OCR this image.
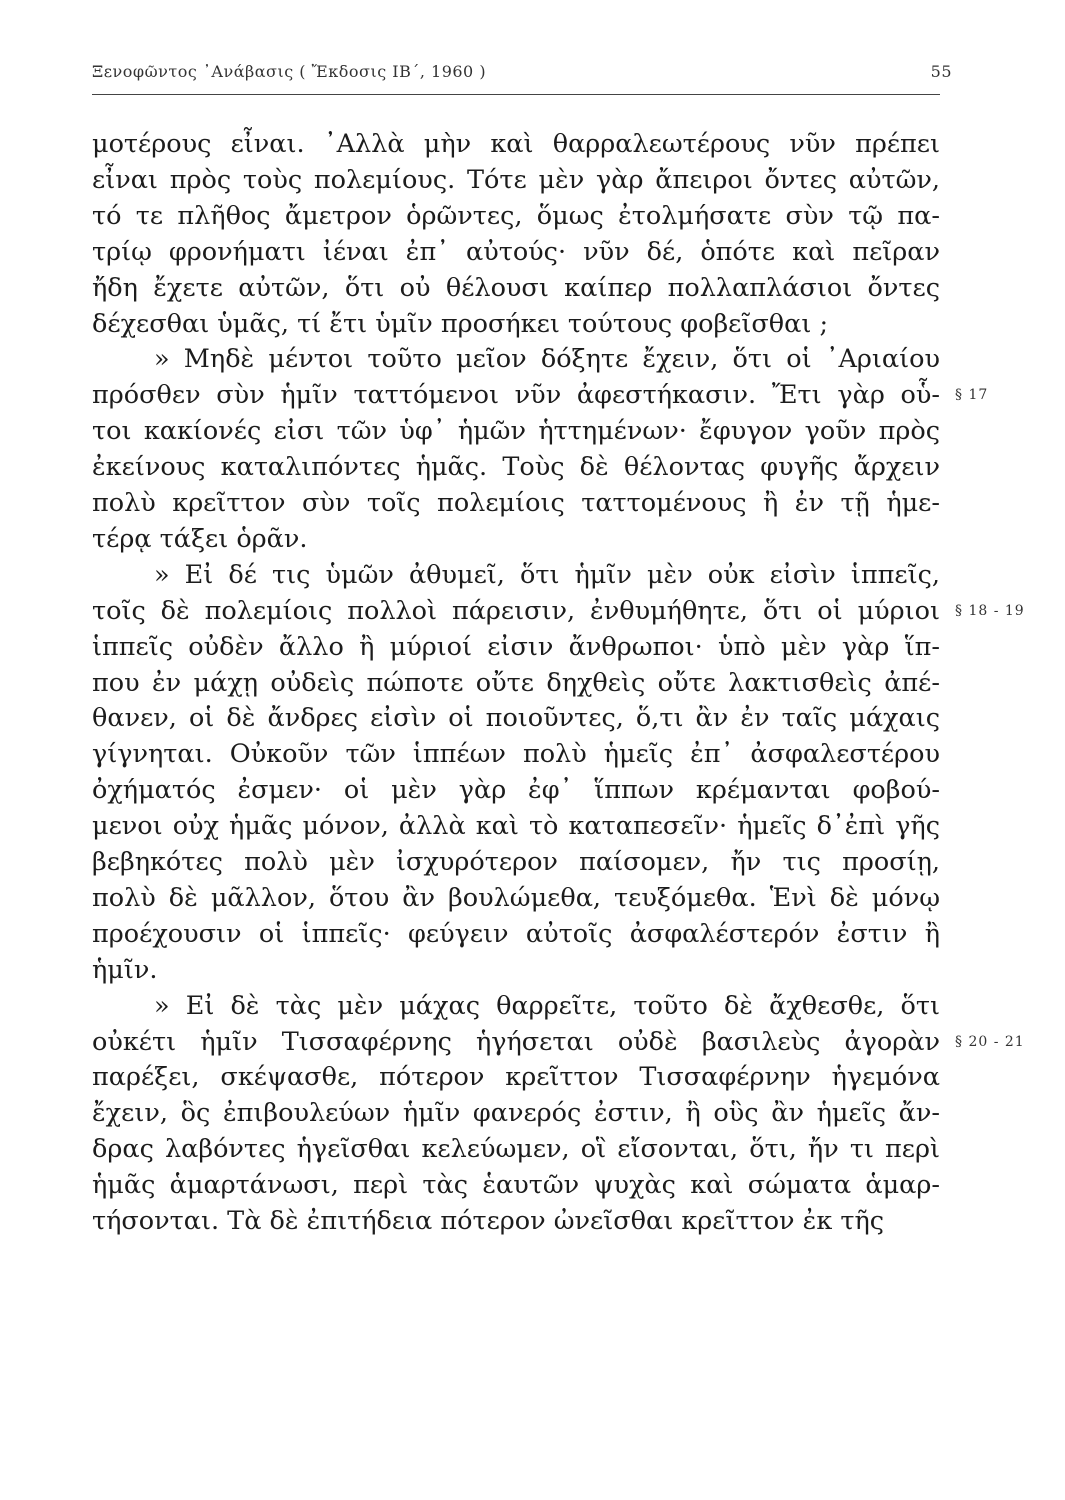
Ξενοφῶντος ᾿Ανάβασις ( Ἔκδοσις ΙΒ΄, 1960 )	55
μοτέρους εἶναι. ᾿Αλλὰ μὴν καὶ θαρραλεωτέρους νῦν πρέπει
εἶναι πρὸς τοὺς πολεμίους. Τότε μὲν γὰρ ἄπειροι ὄντες αὐτῶν,
τό τε πλῆθος ἄμετρον ὁρῶντες, ὅμως ἐτολμήσατε σὺν τῷ πα-
τρίῳ φρονήματι ἰέναι ἐπ᾿ αὐτούς· νῦν δέ, ὁπότε καὶ πεῖραν
ἤδη ἔχετε αὐτῶν, ὅτι οὐ θέλουσι καίπερ πολλαπλάσιοι ὄντες
δέχεσθαι ὑμᾶς, τί ἔτι ὑμῖν προσήκει τούτους φοβεῖσθαι ;
» Μηδὲ μέντοι τοῦτο μεῖον δόξητε ἔχειν, ὅτι οἱ ᾿Αριαίου
πρόσθεν σὺν ἡμῖν ταττόμενοι νῦν ἀφεστήκασιν. Ἔτι γὰρ οὗ-
τοι κακίονές εἰσι τῶν ὑφ᾿ ἡμῶν ἡττημένων· ἔφυγον γοῦν πρὸς
ἐκείνους καταλιπόντες ἡμᾶς. Τοὺς δὲ θέλοντας φυγῆς ἄρχειν
πολὺ κρεῖττον σὺν τοῖς πολεμίοις ταττομένους ἢ ἐν τῇ ἡμε-
τέρᾳ τάξει ὁρᾶν.
» Εἰ δέ τις ὑμῶν ἀθυμεῖ, ὅτι ἡμῖν μὲν οὐκ εἰσὶν ἱππεῖς,
τοῖς δὲ πολεμίοις πολλοὶ πάρεισιν, ἐνθυμήθητε, ὅτι οἱ μύριοι
ἱππεῖς οὐδὲν ἄλλο ἢ μύριοί εἰσιν ἄνθρωποι· ὑπὸ μὲν γὰρ ἵπ-
που ἐν μάχῃ οὐδεὶς πώποτε οὔτε δηχθεὶς οὔτε λακτισθεὶς ἀπέ-
θανεν, οἱ δὲ ἄνδρες εἰσὶν οἱ ποιοῦντες, ὅ,τι ἂν ἐν ταῖς μάχαις
γίγνηται. Οὐκοῦν τῶν ἱππέων πολὺ ἡμεῖς ἐπ᾿ ἀσφαλεστέρου
ὀχήματός ἐσμεν· οἱ μὲν γὰρ ἐφ᾿ ἵππων κρέμανται φοβού-
μενοι οὐχ ἡμᾶς μόνον, ἀλλὰ καὶ τὸ καταπεσεῖν· ἡμεῖς δ᾿ἐπὶ γῆς
βεβηκότες πολὺ μὲν ἰσχυρότερον παίσομεν, ἤν τις προσίῃ,
πολὺ δὲ μᾶλλον, ὅτου ἂν βουλώμεθα, τευξόμεθα. Ἑνὶ δὲ μόνῳ
προέχουσιν οἱ ἱππεῖς· φεύγειν αὐτοῖς ἀσφαλέστερόν ἐστιν ἢ
ἡμῖν.
» Εἰ δὲ τὰς μὲν μάχας θαρρεῖτε, τοῦτο δὲ ἄχθεσθε, ὅτι
οὐκέτι ἡμῖν Τισσαφέρνης ἡγήσεται οὐδὲ βασιλεὺς ἀγορὰν
παρέξει, σκέψασθε, πότερον κρεῖττον Τισσαφέρνην ἡγεμόνα
ἔχειν, ὃς ἐπιβουλεύων ἡμῖν φανερός ἐστιν, ἢ οὓς ἂν ἡμεῖς ἄν-
δρας λαβόντες ἡγεῖσθαι κελεύωμεν, οἳ εἴσονται, ὅτι, ἤν τι περὶ
ἡμᾶς ἁμαρτάνωσι, περὶ τὰς ἑαυτῶν ψυχὰς καὶ σώματα ἁμαρ-
τήσονται. Τὰ δὲ ἐπιτήδεια πότερον ὠνεῖσθαι κρεῖττον ἐκ τῆς
§ 17
§ 18 - 19
§ 20 - 21
